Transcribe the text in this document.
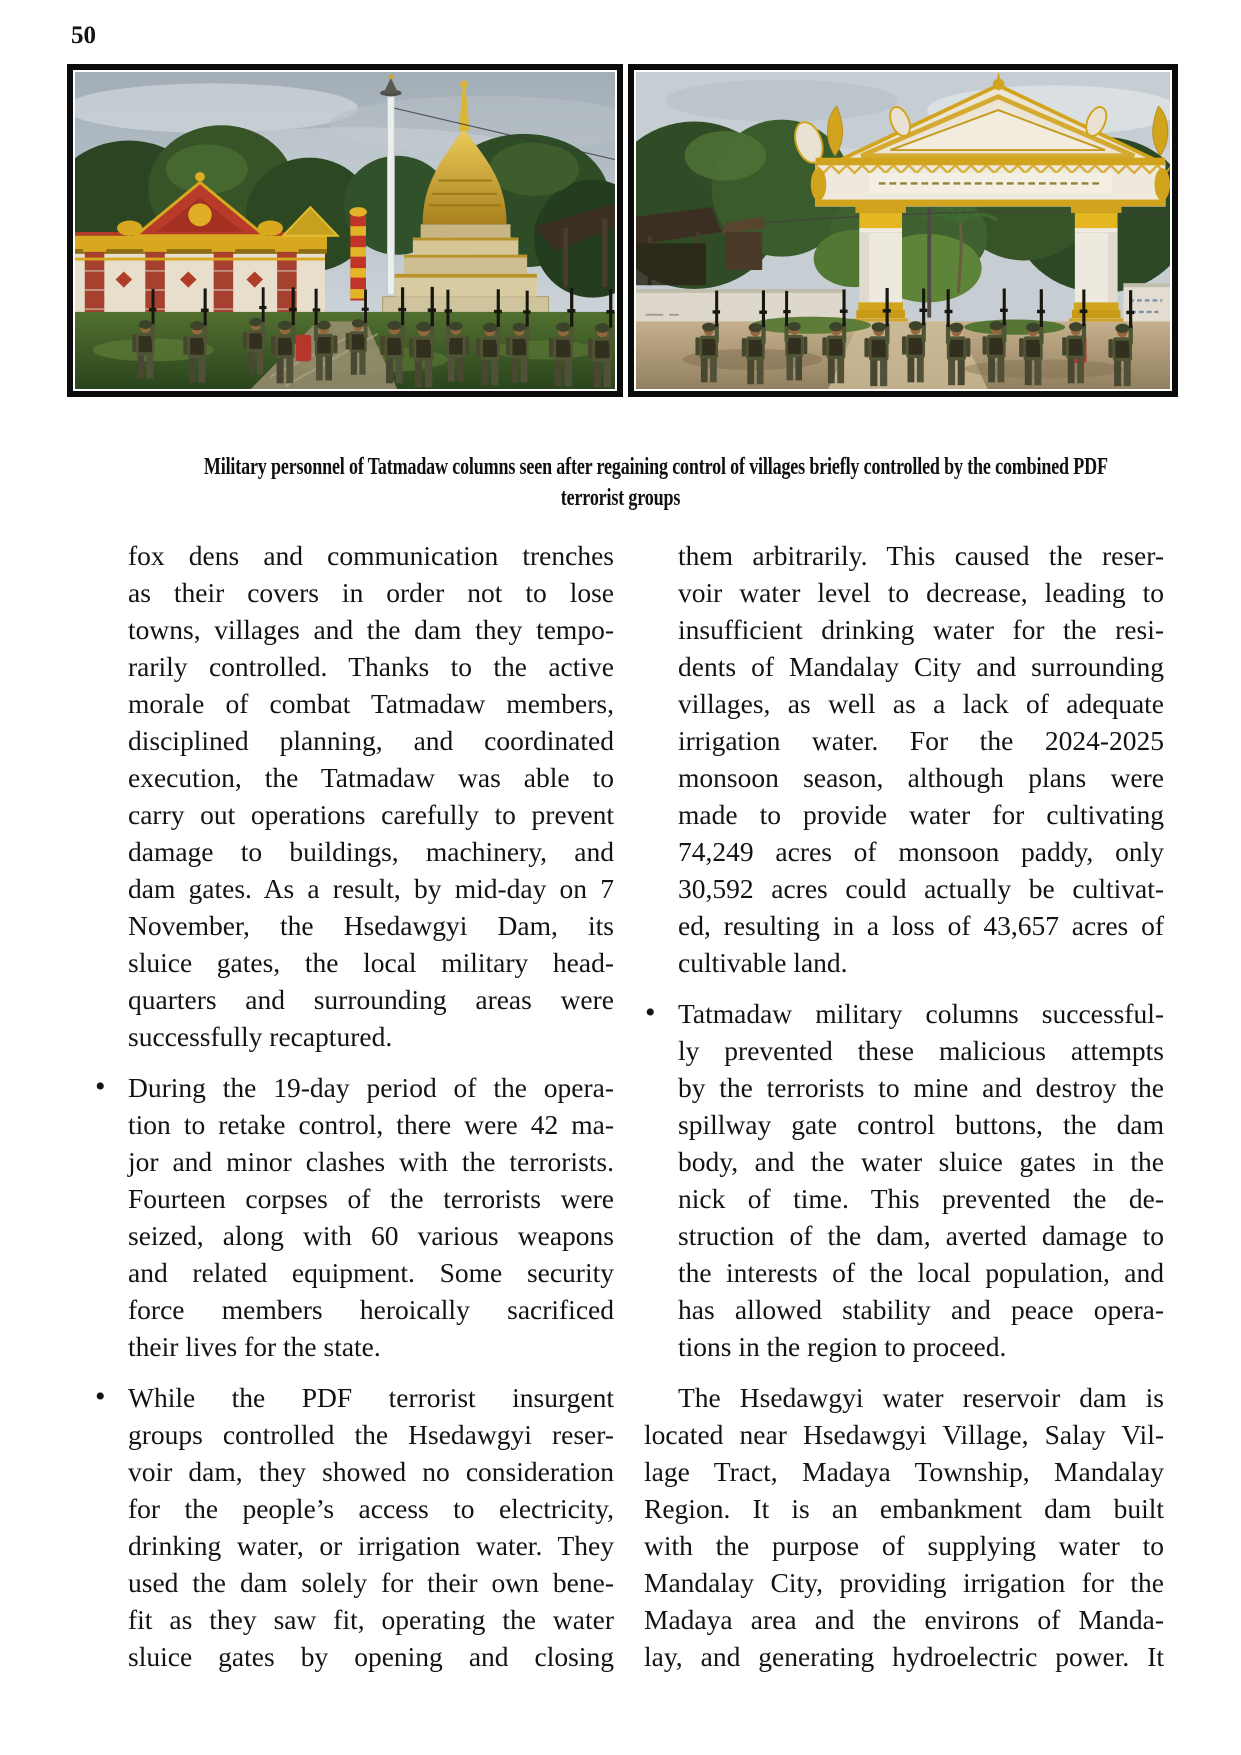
50
Military personnel of Tatmadaw columns seen after regaining control of villages briefly controlled by the combined PDF
terrorist groups
fox dens and communication trenches
as their covers in order not to lose
towns, villages and the dam they tempo-
rarily controlled. Thanks to the active
morale of combat Tatmadaw members,
disciplined planning, and coordinated
execution, the Tatmadaw was able to
carry out operations carefully to prevent
damage to buildings, machinery, and
dam gates. As a result, by mid-day on 7
November, the Hsedawgyi Dam, its
sluice gates, the local military head-
quarters and surrounding areas were
successfully recaptured.
• During the 19-day period of the opera-
tion to retake control, there were 42 ma-
jor and minor clashes with the terrorists.
Fourteen corpses of the terrorists were
seized, along with 60 various weapons
and related equipment. Some security
force members heroically sacrificed
their lives for the state.
• While the PDF terrorist insurgent
groups controlled the Hsedawgyi reser-
voir dam, they showed no consideration
for the people’s access to electricity,
drinking water, or irrigation water. They
used the dam solely for their own bene-
fit as they saw fit, operating the water
sluice gates by opening and closing
them arbitrarily. This caused the reser-
voir water level to decrease, leading to
insufficient drinking water for the resi-
dents of Mandalay City and surrounding
villages, as well as a lack of adequate
irrigation water. For the 2024-2025
monsoon season, although plans were
made to provide water for cultivating
74,249 acres of monsoon paddy, only
30,592 acres could actually be cultivat-
ed, resulting in a loss of 43,657 acres of
cultivable land.
• Tatmadaw military columns successful-
ly prevented these malicious attempts
by the terrorists to mine and destroy the
spillway gate control buttons, the dam
body, and the water sluice gates in the
nick of time. This prevented the de-
struction of the dam, averted damage to
the interests of the local population, and
has allowed stability and peace opera-
tions in the region to proceed.
The Hsedawgyi water reservoir dam is
located near Hsedawgyi Village, Salay Vil-
lage Tract, Madaya Township, Mandalay
Region. It is an embankment dam built
with the purpose of supplying water to
Mandalay City, providing irrigation for the
Madaya area and the environs of Manda-
lay, and generating hydroelectric power. It
